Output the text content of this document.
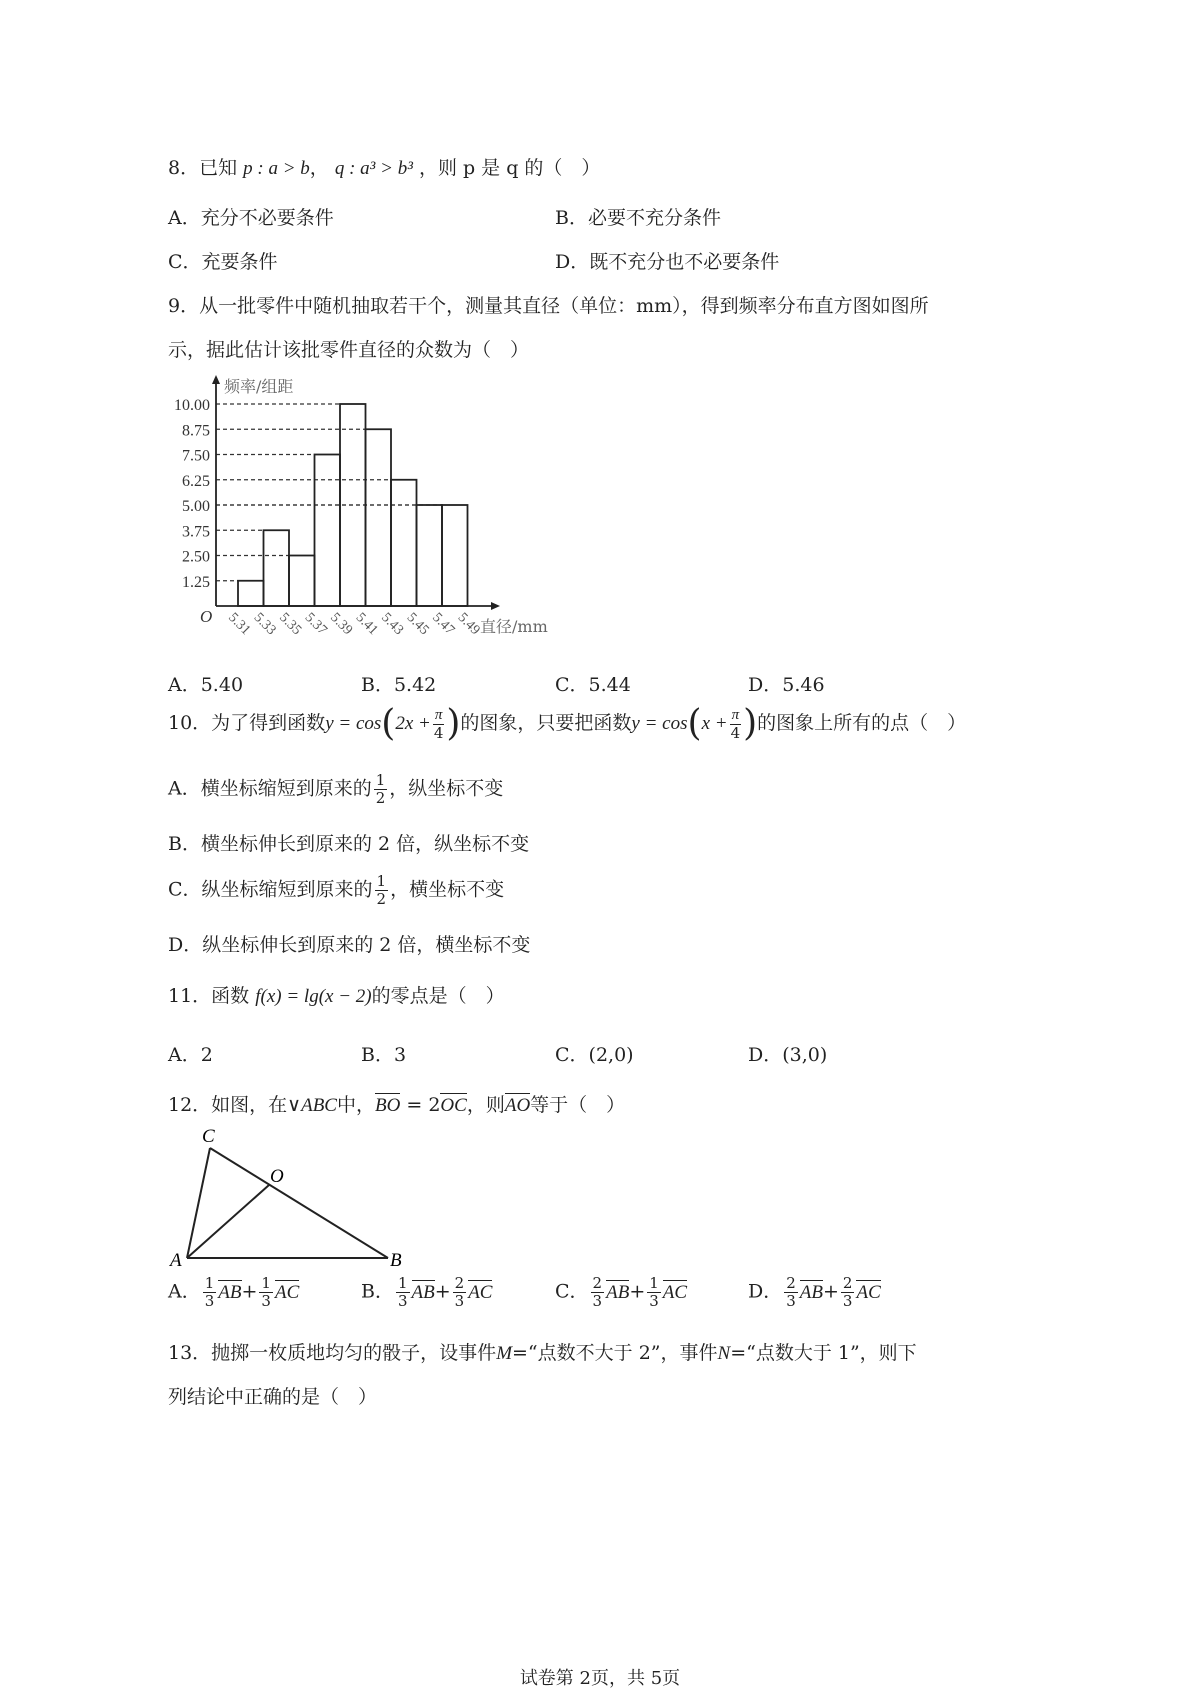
8．已知 p : a > b， q : a³ > b³ ，则 p 是 q 的（　）
A．充分不必要条件	B．必要不充分条件
C．充要条件	D．既不充分也不必要条件
9．从一批零件中随机抽取若干个，测量其直径（单位：mm），得到频率分布直方图如图所
示，据此估计该批零件直径的众数为（　）
10.00
8.75
7.50
6.25
5.00
3.75
2.50
1.25
5.31
5.33
5.35
5.37
5.39
5.41
5.43
5.45
5.47
5.49
O
频率/组距
直径/mm
A．5.40	B．5.42	C．5.44	D．5.46
10．为了得到函数$y = \cos(2x + \frac{\pi}{4}$ )的图象，只要把函数$y = \cos(x + \frac{\pi}{4}$ )的图象上所有的点（　）
A．横坐标缩短到原来的 $\frac{1}{2}$ ，纵坐标不变
B．横坐标伸长到原来的 2 倍，纵坐标不变
C．纵坐标缩短到原来的 $\frac{1}{2}$ ，横坐标不变
D．纵坐标伸长到原来的 2 倍，横坐标不变
11．函数 f(x) = lg(x − 2)的零点是（　）
A．2	B．3	C．(2,0)	D．(3,0)
12．如图，在∨ABC中，BO = 2OC，则AO等于（　）
C
O
A	B
A． $\frac{1}{3} AB+ \frac{1}{3}$ AC	B． $\frac{1}{3} AB+ \frac{2}{3}$ AC	C． $\frac{2}{3} AB+ \frac{1}{3}$ AC	D． $\frac{2}{3} AB+ \frac{2}{3}$ AC
13．抛掷一枚质地均匀的骰子，设事件M=“点数不大于 2”，事件N=“点数大于 1”，则下
列结论中正确的是（　）
试卷第 2页，共 5页
